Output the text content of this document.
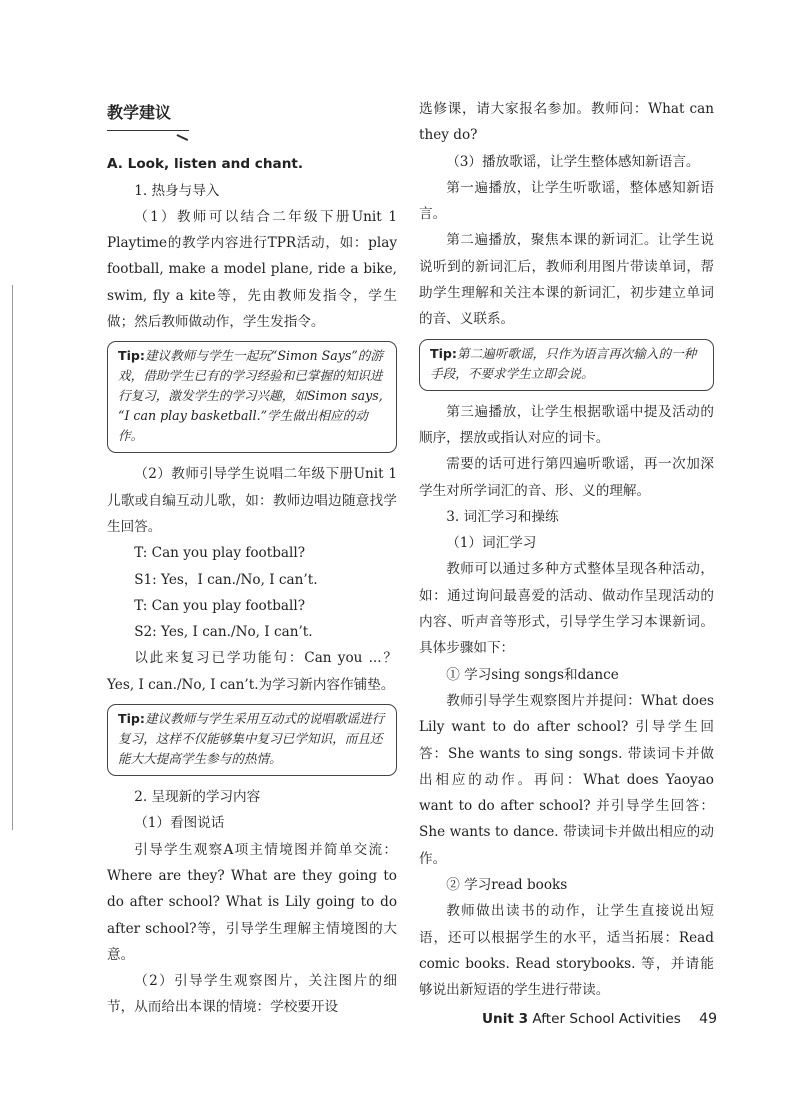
教学建议
A. Look, listen and chant.

1. 热身与导入

（1）教师可以结合二年级下册Unit 1 Playtime的教学内容进行TPR活动，如：play football, make a model plane, ride a bike, swim, fly a kite等，先由教师发指令，学生做；然后教师做动作，学生发指令。

Tip:建议教师与学生一起玩“Simon Says”的游戏，借助学生已有的学习经验和已掌握的知识进行复习，激发学生的学习兴趣，如Simon says, “I can play basketball.”学生做出相应的动作。

（2）教师引导学生说唱二年级下册Unit 1儿歌或自编互动儿歌，如：教师边唱边随意找学生回答。

T: Can you play football?

S1: Yes，I can./No, I can’t.

T: Can you play football?

S2: Yes, I can./No, I can’t.

以此来复习已学功能句：Can you ...？Yes, I can./No, I can’t.为学习新内容作铺垫。

Tip:建议教师与学生采用互动式的说唱歌谣进行复习，这样不仅能够集中复习已学知识，而且还能大大提高学生参与的热情。

2. 呈现新的学习内容

（1）看图说话

引导学生观察A项主情境图并简单交流：Where are they? What are they going to do after school? What is Lily going to do after school?等，引导学生理解主情境图的大意。

（2）引导学生观察图片，关注图片的细节，从而给出本课的情境：学校要开设

选修课，请大家报名参加。教师问：What can they do?

（3）播放歌谣，让学生整体感知新语言。

第一遍播放，让学生听歌谣，整体感知新语言。

第二遍播放，聚焦本课的新词汇。让学生说说听到的新词汇后，教师利用图片带读单词，帮助学生理解和关注本课的新词汇，初步建立单词的音、义联系。

Tip:第二遍听歌谣，只作为语言再次输入的一种手段，不要求学生立即会说。

第三遍播放，让学生根据歌谣中提及活动的顺序，摆放或指认对应的词卡。

需要的话可进行第四遍听歌谣，再一次加深学生对所学词汇的音、形、义的理解。

3. 词汇学习和操练

（1）词汇学习

教师可以通过多种方式整体呈现各种活动，如：通过询问最喜爱的活动、做动作呈现活动的内容、听声音等形式，引导学生学习本课新词。具体步骤如下：

① 学习sing songs和dance

教师引导学生观察图片并提问：What does Lily want to do after school? 引导学生回答：She wants to sing songs. 带读词卡并做出相应的动作。再问：What does Yaoyao want to do after school? 并引导学生回答：She wants to dance. 带读词卡并做出相应的动作。

② 学习read books

教师做出读书的动作，让学生直接说出短语，还可以根据学生的水平，适当拓展：Read comic books. Read storybooks. 等，并请能够说出新短语的学生进行带读。

Unit 3 After School Activities 49
